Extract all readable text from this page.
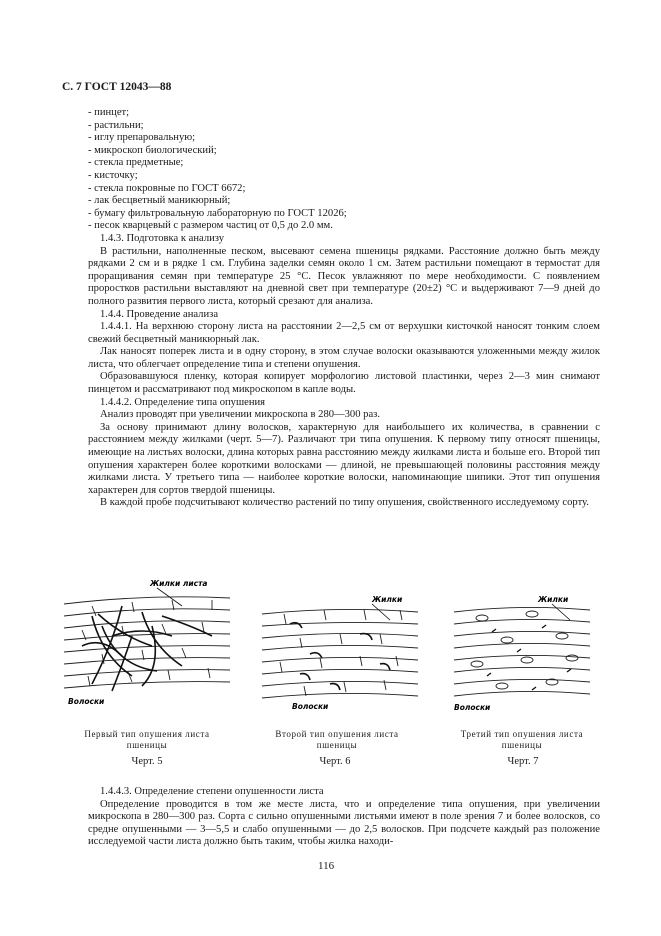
С. 7 ГОСТ 12043—88

- пинцет;

- растильни;

- иглу препаровальную;

- микроскоп биологический;

- стекла предметные;

- кисточку;

- стекла покровные по ГОСТ 6672;

- лак бесцветный маникюрный;

- бумагу фильтровальную лабораторную по ГОСТ 12026;

- песок кварцевый с размером частиц от 0,5 до 2.0 мм.

1.4.3. Подготовка к анализу

В растильни, наполненные песком, высевают семена пшеницы рядками. Расстояние должно быть между рядками 2 см и в рядке 1 см. Глубина заделки семян около 1 см. Затем растильни помещают в термостат для проращивания семян при температуре 25 °С. Песок увлажняют по мере необходимости. С появлением проростков растильни выставляют на дневной свет при температуре (20±2) °С и выдерживают 7—9 дней до полного развития первого листа, который срезают для анализа.

1.4.4. Проведение анализа

1.4.4.1. На верхнюю сторону листа на расстоянии 2—2,5 см от верхушки кисточкой наносят тонким слоем свежий бесцветный маникюрный лак.

Лак наносят поперек листа и в одну сторону, в этом случае волоски оказываются уложенными между жилок листа, что облегчает определение типа и степени опушения.

Образовавшуюся пленку, которая копирует морфологию листовой пластинки, через 2—3 мин снимают пинцетом и рассматривают под микроскопом в капле воды.

1.4.4.2. Определение типа опушения

Анализ проводят при увеличении микроскопа в 280—300 раз.

За основу принимают длину волосков, характерную для наибольшего их количества, в сравнении с расстоянием между жилками (черт. 5—7). Различают три типа опушения. К первому типу относят пшеницы, имеющие на листьях волоски, длина которых равна расстоянию между жилками листа и больше его. Второй тип опушения характерен более короткими волосками — длиной, не превышающей половины расстояния между жилками листа. У третьего типа — наиболее короткие волоски, напоминающие шипики. Этот тип опушения характерен для сортов твердой пшеницы.

В каждой пробе подсчитывают количество растений по типу опушения, свойственного исследуемому сорту.

Жилки листа
Волоски
Жилки
Волоски
Жилки
Волоски
Первый тип опушения листа пшеницы
Черт. 5
Второй тип опушения листа пшеницы
Черт. 6
Третий тип опушения листа пшеницы
Черт. 7

1.4.4.3. Определение степени опушенности листа

Определение проводится в том же месте листа, что и определение типа опушения, при увеличении микроскопа в 280—300 раз. Сорта с сильно опушенными листьями имеют в поле зрения 7 и более волосков, со средне опушенными — 3—5,5 и слабо опушенными — до 2,5 волосков. При подсчете каждый раз положение исследуемой части листа должно быть таким, чтобы жилка находи-

116
